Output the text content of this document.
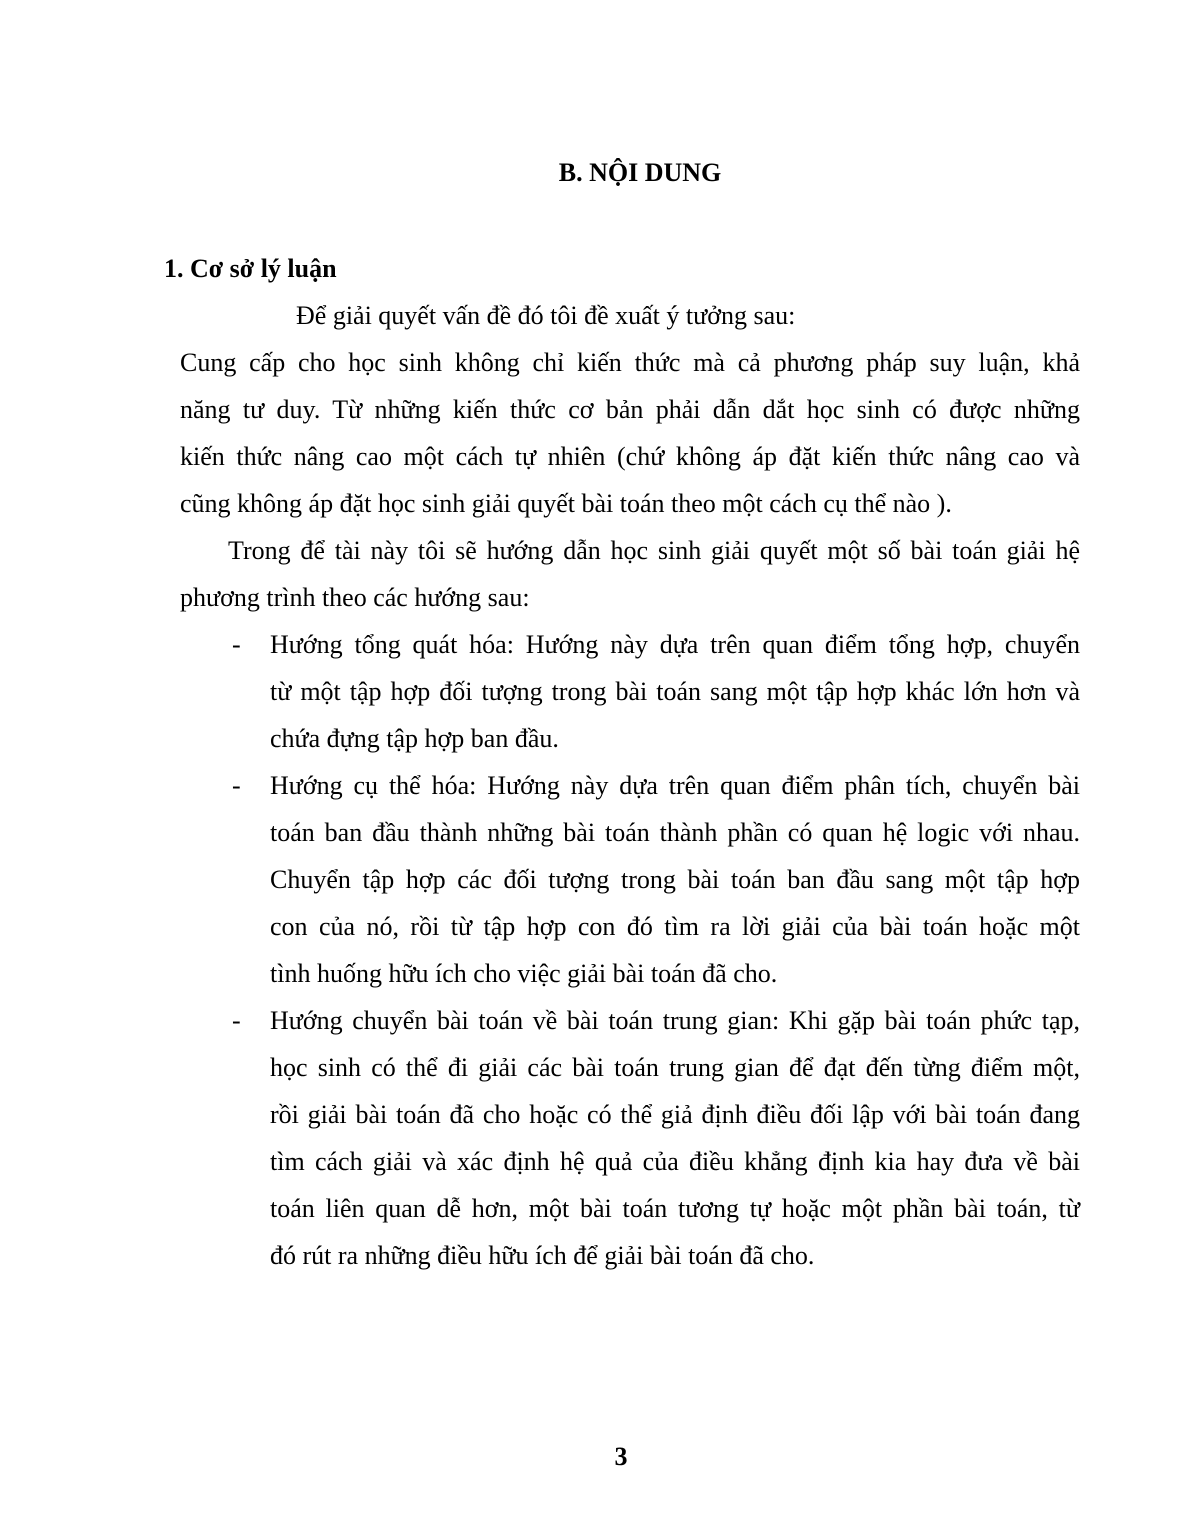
B. NỘI DUNG
1. Cơ sở lý luận
Để giải quyết vấn đề đó tôi đề xuất ý tưởng sau:
Cung cấp cho học sinh không chỉ kiến thức mà cả phương pháp suy luận, khả
năng tư duy. Từ những kiến thức cơ bản phải dẫn dắt học sinh có được những
kiến thức nâng cao một cách tự nhiên (chứ không áp đặt kiến thức nâng cao và
cũng không áp đặt học sinh giải quyết bài toán theo một cách cụ thể nào ).
Trong để tài này tôi sẽ hướng dẫn học sinh giải quyết một số bài toán giải hệ
phương trình theo các hướng sau:
- Hướng tổng quát hóa: Hướng này dựa trên quan điểm tổng hợp, chuyển
từ một tập hợp đối tượng trong bài toán sang một tập hợp khác lớn hơn và
chứa đựng tập hợp ban đầu.
- Hướng cụ thể hóa: Hướng này dựa trên quan điểm phân tích, chuyển bài
toán ban đầu thành những bài toán thành phần có quan hệ logic với nhau.
Chuyển tập hợp các đối tượng trong bài toán ban đầu sang một tập hợp
con của nó, rồi từ tập hợp con đó tìm ra lời giải của bài toán hoặc một
tình huống hữu ích cho việc giải bài toán đã cho.
- Hướng chuyển bài toán về bài toán trung gian: Khi gặp bài toán phức tạp,
học sinh có thể đi giải các bài toán trung gian để đạt đến từng điểm một,
rồi giải bài toán đã cho hoặc có thể giả định điều đối lập với bài toán đang
tìm cách giải và xác định hệ quả của điều khẳng định kia hay đưa về bài
toán liên quan dễ hơn, một bài toán tương tự hoặc một phần bài toán, từ
đó rút ra những điều hữu ích để giải bài toán đã cho.
3
